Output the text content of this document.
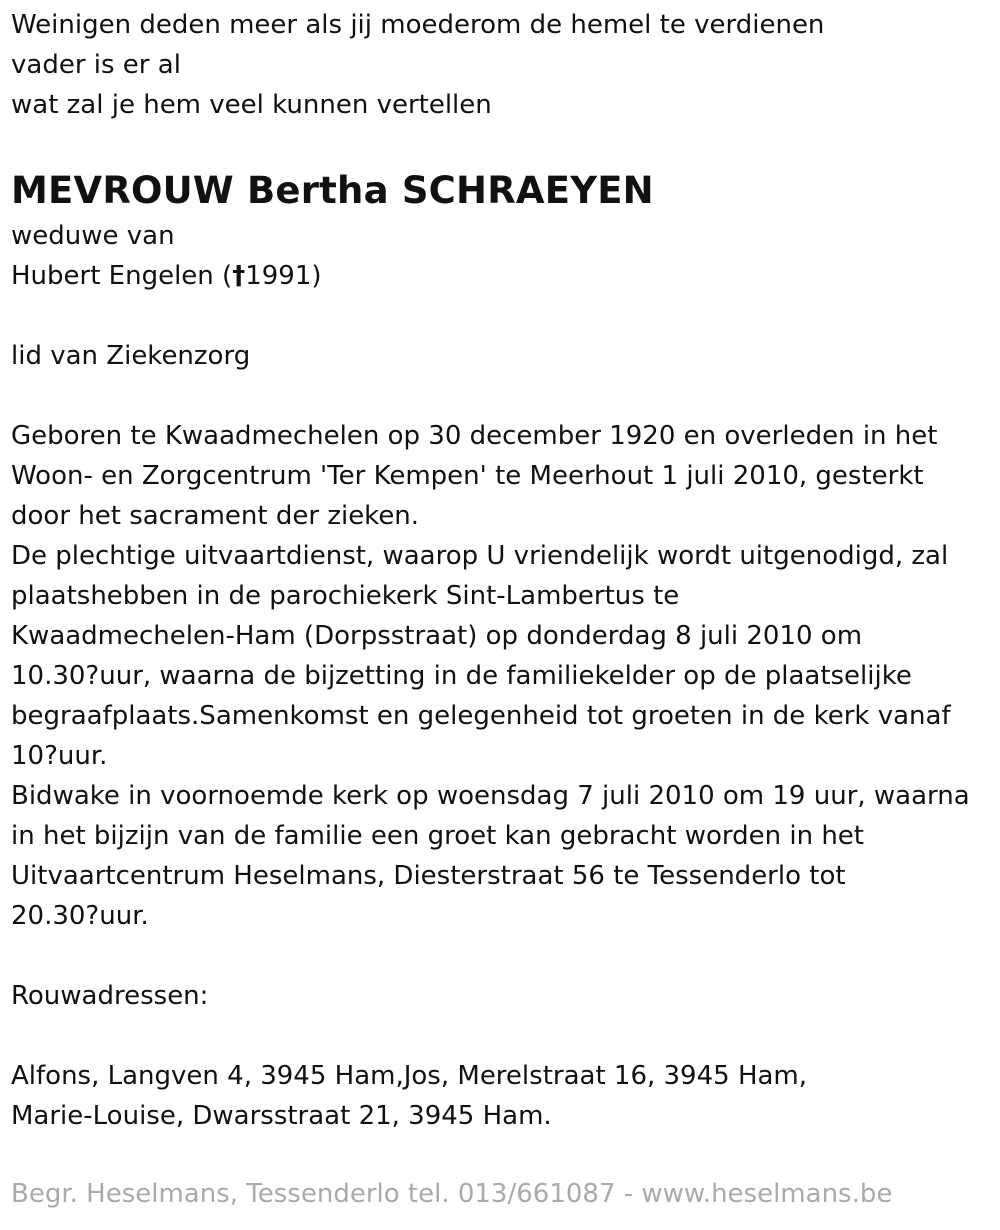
Weinigen deden meer als jij moederom de hemel te verdienen

vader is er al

wat zal je hem veel kunnen vertellen

MEVROUW Bertha SCHRAEYEN

weduwe van

Hubert Engelen (†1991)

lid van Ziekenzorg

Geboren te Kwaadmechelen op 30 december 1920 en overleden in het

Woon- en Zorgcentrum 'Ter Kempen' te Meerhout 1 juli 2010, gesterkt

door het sacrament der zieken.

De plechtige uitvaartdienst, waarop U vriendelijk wordt uitgenodigd, zal

plaatshebben in de parochiekerk Sint-Lambertus te

Kwaadmechelen-Ham (Dorpsstraat) op donderdag 8 juli 2010 om

10.30?uur, waarna de bijzetting in de familiekelder op de plaatselijke

begraafplaats.Samenkomst en gelegenheid tot groeten in de kerk vanaf

10?uur.

Bidwake in voornoemde kerk op woensdag 7 juli 2010 om 19 uur, waarna

in het bijzijn van de familie een groet kan gebracht worden in het

Uitvaartcentrum Heselmans, Diesterstraat 56 te Tessenderlo tot

20.30?uur.

Rouwadressen:

Alfons, Langven 4, 3945 Ham,Jos, Merelstraat 16, 3945 Ham,

Marie-Louise, Dwarsstraat 21, 3945 Ham.

Begr. Heselmans, Tessenderlo tel. 013/661087 - www.heselmans.be
